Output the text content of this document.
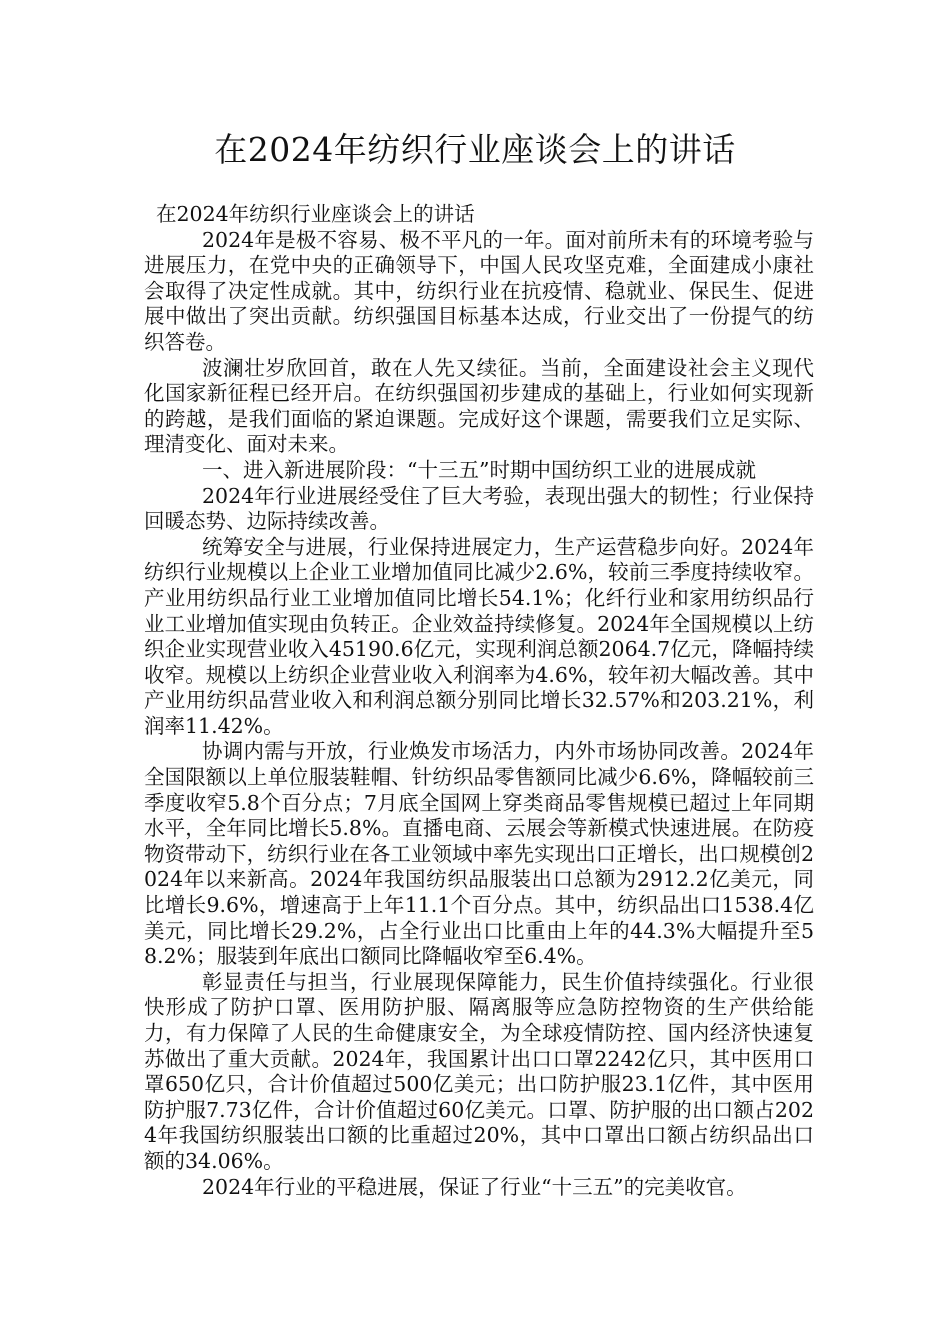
在2024年纺织行业座谈会上的讲话

在2024年纺织行业座谈会上的讲话

2024年是极不容易、极不平凡的一年。面对前所未有的环境考验与进展压力，在党中央的正确领导下，中国人民攻坚克难，全面建成小康社会取得了决定性成就。其中，纺织行业在抗疫情、稳就业、保民生、促进展中做出了突出贡献。纺织强国目标基本达成，行业交出了一份提气的纺织答卷。

波澜壮岁欣回首，敢在人先又续征。当前，全面建设社会主义现代化国家新征程已经开启。在纺织强国初步建成的基础上，行业如何实现新的跨越，是我们面临的紧迫课题。完成好这个课题，需要我们立足实际、理清变化、面对未来。

一、进入新进展阶段：“十三五”时期中国纺织工业的进展成就

2024年行业进展经受住了巨大考验，表现出强大的韧性；行业保持回暖态势、边际持续改善。

统筹安全与进展，行业保持进展定力，生产运营稳步向好。2024年纺织行业规模以上企业工业增加值同比减少2.6%，较前三季度持续收窄。产业用纺织品行业工业增加值同比增长54.1%；化纤行业和家用纺织品行业工业增加值实现由负转正。企业效益持续修复。2024年全国规模以上纺织企业实现营业收入45190.6亿元，实现利润总额2064.7亿元，降幅持续收窄。规模以上纺织企业营业收入利润率为4.6%，较年初大幅改善。其中产业用纺织品营业收入和利润总额分别同比增长32.57%和203.21%，利润率11.42%。

协调内需与开放，行业焕发市场活力，内外市场协同改善。2024年全国限额以上单位服装鞋帽、针纺织品零售额同比减少6.6%，降幅较前三季度收窄5.8个百分点；7月底全国网上穿类商品零售规模已超过上年同期水平，全年同比增长5.8%。直播电商、云展会等新模式快速进展。在防疫物资带动下，纺织行业在各工业领域中率先实现出口正增长，出口规模创2024年以来新高。2024年我国纺织品服装出口总额为2912.2亿美元，同比增长9.6%，增速高于上年11.1个百分点。其中，纺织品出口1538.4亿美元，同比增长29.2%，占全行业出口比重由上年的44.3%大幅提升至58.2%；服装到年底出口额同比降幅收窄至6.4%。

彰显责任与担当，行业展现保障能力，民生价值持续强化。行业很快形成了防护口罩、医用防护服、隔离服等应急防控物资的生产供给能力，有力保障了人民的生命健康安全，为全球疫情防控、国内经济快速复苏做出了重大贡献。2024年，我国累计出口口罩2242亿只，其中医用口罩650亿只，合计价值超过500亿美元；出口防护服23.1亿件，其中医用防护服7.73亿件，合计价值超过60亿美元。口罩、防护服的出口额占2024年我国纺织服装出口额的比重超过20%，其中口罩出口额占纺织品出口额的34.06%。

2024年行业的平稳进展，保证了行业“十三五”的完美收官。
